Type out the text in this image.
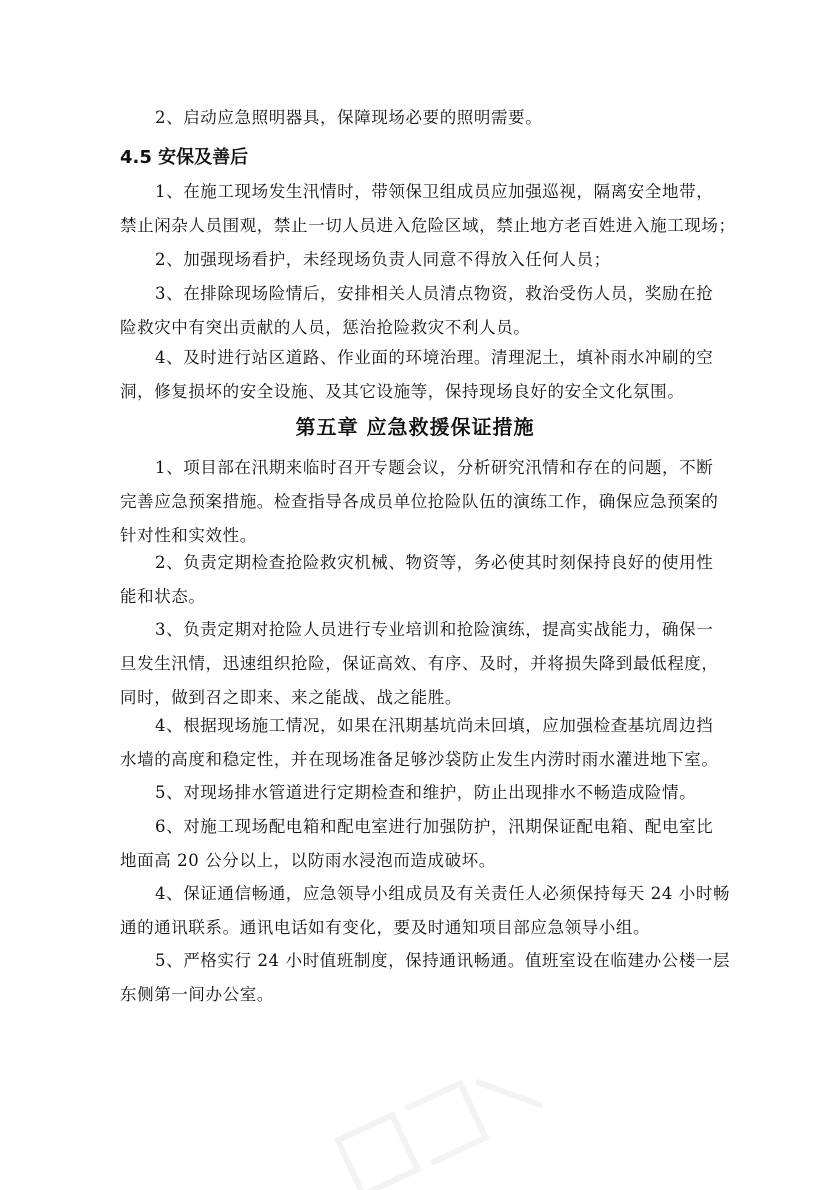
2、启动应急照明器具，保障现场必要的照明需要。

4.5 安保及善后

1、在施工现场发生汛情时，带领保卫组成员应加强巡视，隔离安全地带，
禁止闲杂人员围观，禁止一切人员进入危险区域，禁止地方老百姓进入施工现场；

2、加强现场看护，未经现场负责人同意不得放入任何人员；

3、在排除现场险情后，安排相关人员清点物资，救治受伤人员，奖励在抢
险救灾中有突出贡献的人员，惩治抢险救灾不利人员。

4、及时进行站区道路、作业面的环境治理。清理泥土，填补雨水冲刷的空
洞，修复损坏的安全设施、及其它设施等，保持现场良好的安全文化氛围。

第五章 应急救援保证措施

1、项目部在汛期来临时召开专题会议，分析研究汛情和存在的问题，不断
完善应急预案措施。检查指导各成员单位抢险队伍的演练工作，确保应急预案的
针对性和实效性。

2、负责定期检查抢险救灾机械、物资等，务必使其时刻保持良好的使用性
能和状态。

3、负责定期对抢险人员进行专业培训和抢险演练，提高实战能力，确保一
旦发生汛情，迅速组织抢险，保证高效、有序、及时，并将损失降到最低程度，
同时，做到召之即来、来之能战、战之能胜。

4、根据现场施工情况，如果在汛期基坑尚未回填，应加强检查基坑周边挡
水墙的高度和稳定性，并在现场准备足够沙袋防止发生内涝时雨水灌进地下室。

5、对现场排水管道进行定期检查和维护，防止出现排水不畅造成险情。

6、对施工现场配电箱和配电室进行加强防护，汛期保证配电箱、配电室比
地面高 20 公分以上，以防雨水浸泡而造成破坏。

4、保证通信畅通，应急领导小组成员及有关责任人必须保持每天 24 小时畅
通的通讯联系。通讯电话如有变化，要及时通知项目部应急领导小组。

5、严格实行 24 小时值班制度，保持通讯畅通。值班室设在临建办公楼一层
东侧第一间办公室。
